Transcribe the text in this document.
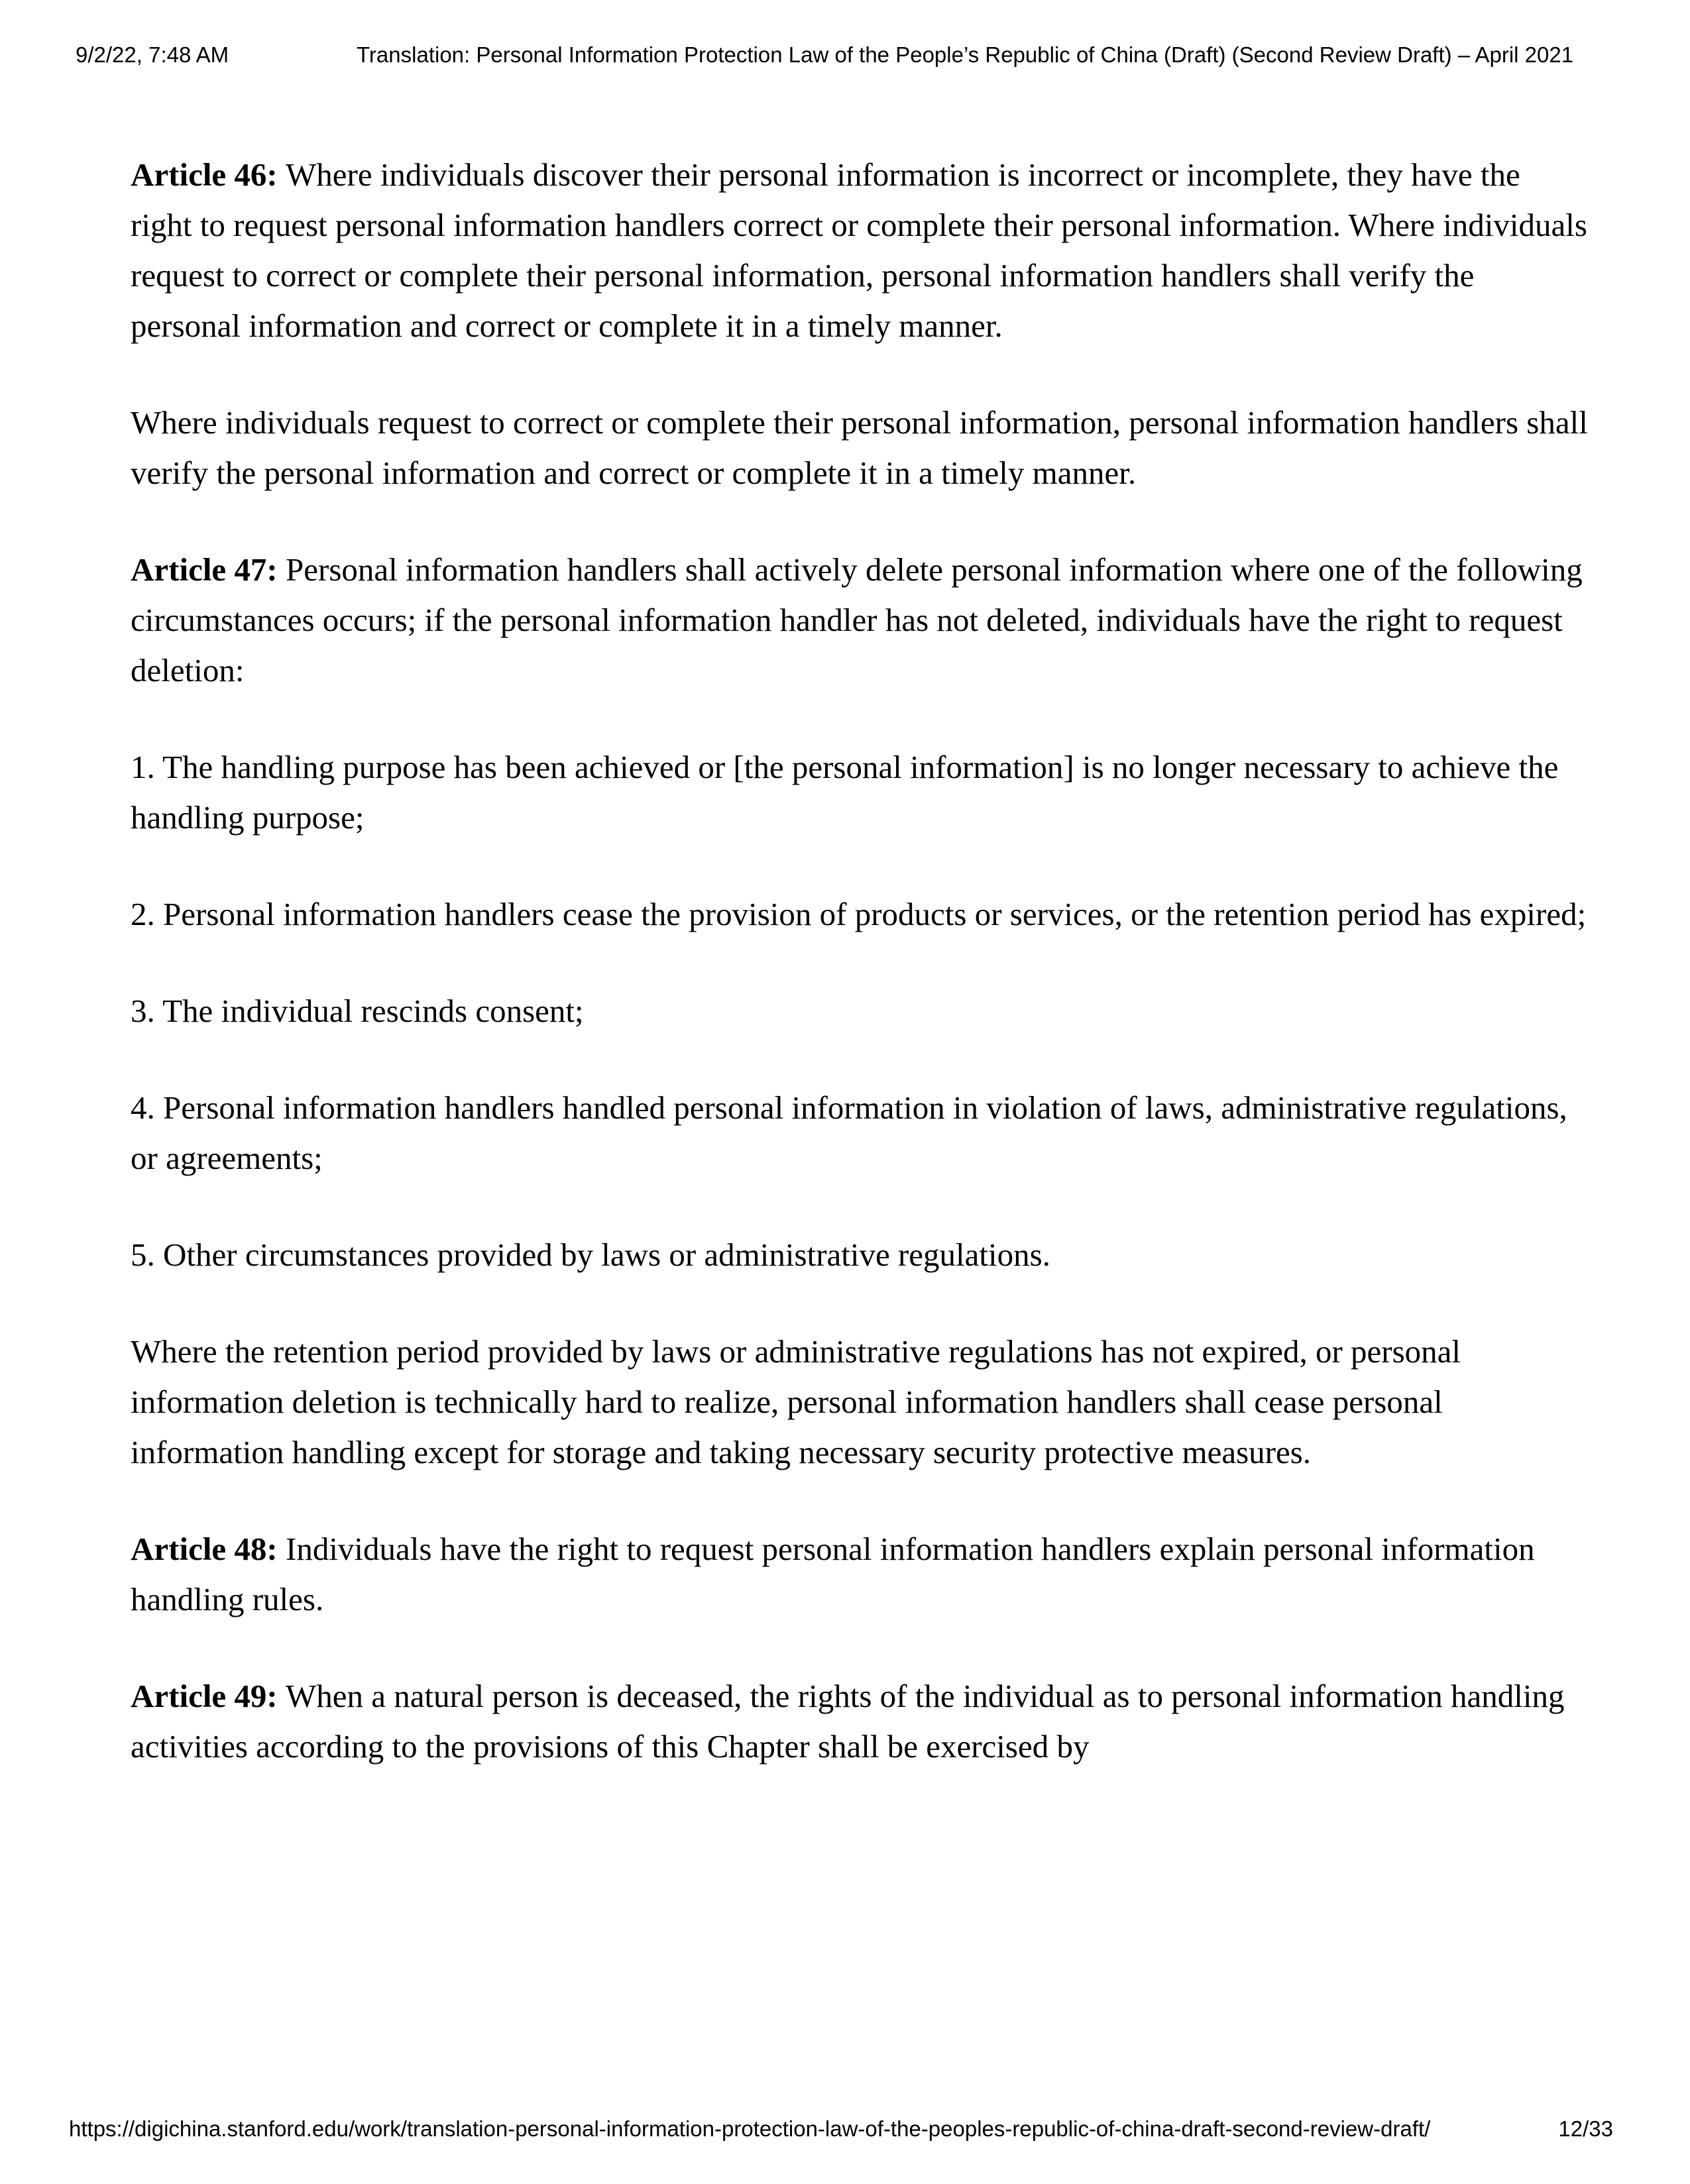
9/2/22, 7:48 AM	Translation: Personal Information Protection Law of the People’s Republic of China (Draft) (Second Review Draft) – April 2021

Article 46: Where individuals discover their personal information is incorrect or incomplete, they have the right to request personal information handlers correct or complete their personal information. Where individuals request to correct or complete their personal information, personal information handlers shall verify the personal information and correct or complete it in a timely manner.

Where individuals request to correct or complete their personal information, personal information handlers shall verify the personal information and correct or complete it in a timely manner.

Article 47: Personal information handlers shall actively delete personal information where one of the following circumstances occurs; if the personal information handler has not deleted, individuals have the right to request deletion:

1. The handling purpose has been achieved or [the personal information] is no longer necessary to achieve the handling purpose;

2. Personal information handlers cease the provision of products or services, or the retention period has expired;

3. The individual rescinds consent;

4. Personal information handlers handled personal information in violation of laws, administrative regulations, or agreements;

5. Other circumstances provided by laws or administrative regulations.

Where the retention period provided by laws or administrative regulations has not expired, or personal information deletion is technically hard to realize, personal information handlers shall cease personal information handling except for storage and taking necessary security protective measures.

Article 48: Individuals have the right to request personal information handlers explain personal information handling rules.

Article 49: When a natural person is deceased, the rights of the individual as to personal information handling activities according to the provisions of this Chapter shall be exercised by

https://digichina.stanford.edu/work/translation-personal-information-protection-law-of-the-peoples-republic-of-china-draft-second-review-draft/	12/33
